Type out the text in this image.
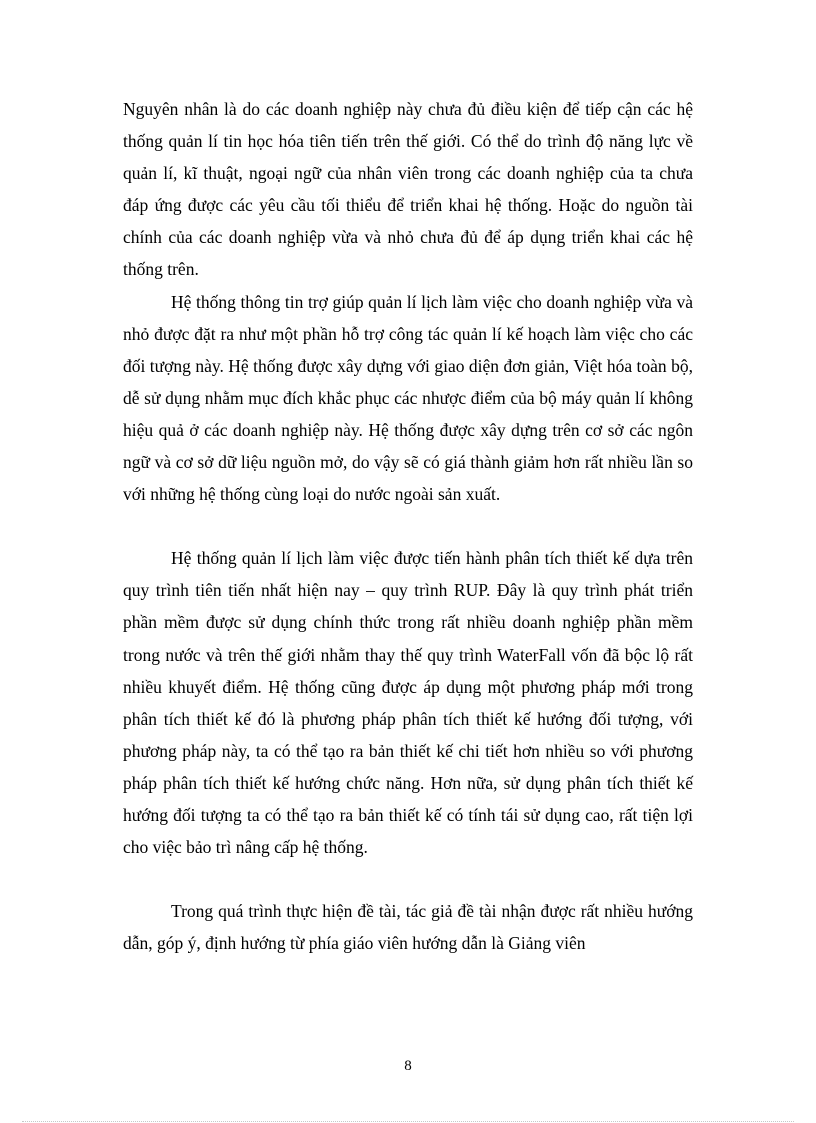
Nguyên nhân là do các doanh nghiệp này chưa đủ điều kiện để tiếp cận các hệ thống quản lí tin học hóa tiên tiến trên thế giới. Có thể do trình độ năng lực về quản lí, kĩ thuật, ngoại ngữ của nhân viên trong các doanh nghiệp của ta chưa đáp ứng được các yêu cầu tối thiểu để triển khai hệ thống. Hoặc do nguồn tài chính của các doanh nghiệp vừa và nhỏ chưa đủ để áp dụng triển khai các hệ thống trên.

Hệ thống thông tin trợ giúp quản lí lịch làm việc cho doanh nghiệp vừa và nhỏ được đặt ra như một phần hỗ trợ công tác quản lí kế hoạch làm việc cho các đối tượng này. Hệ thống được xây dựng với giao diện đơn giản, Việt hóa toàn bộ, dễ sử dụng nhằm mục đích khắc phục các nhược điểm của bộ máy quản lí không hiệu quả ở các doanh nghiệp này. Hệ thống được xây dựng trên cơ sở các ngôn ngữ và cơ sở dữ liệu nguồn mở, do vậy sẽ có giá thành giảm hơn rất nhiều lần so với những hệ thống cùng loại do nước ngoài sản xuất.

Hệ thống quản lí lịch làm việc được tiến hành phân tích thiết kế dựa trên quy trình tiên tiến nhất hiện nay – quy trình RUP. Đây là quy trình phát triển phần mềm được sử dụng chính thức trong rất nhiều doanh nghiệp phần mềm trong nước và trên thế giới nhằm thay thế quy trình WaterFall vốn đã bộc lộ rất nhiều khuyết điểm. Hệ thống cũng được áp dụng một phương pháp mới trong phân tích thiết kế đó là phương pháp phân tích thiết kế hướng đối tượng, với phương pháp này, ta có thể tạo ra bản thiết kế chi tiết hơn nhiều so với phương pháp phân tích thiết kế hướng chức năng. Hơn nữa, sử dụng phân tích thiết kế hướng đối tượng ta có thể tạo ra bản thiết kế có tính tái sử dụng cao, rất tiện lợi cho việc bảo trì nâng cấp hệ thống.

Trong quá trình thực hiện đề tài, tác giả đề tài nhận được rất nhiều hướng dẫn, góp ý, định hướng từ phía giáo viên hướng dẫn là Giảng viên

8
